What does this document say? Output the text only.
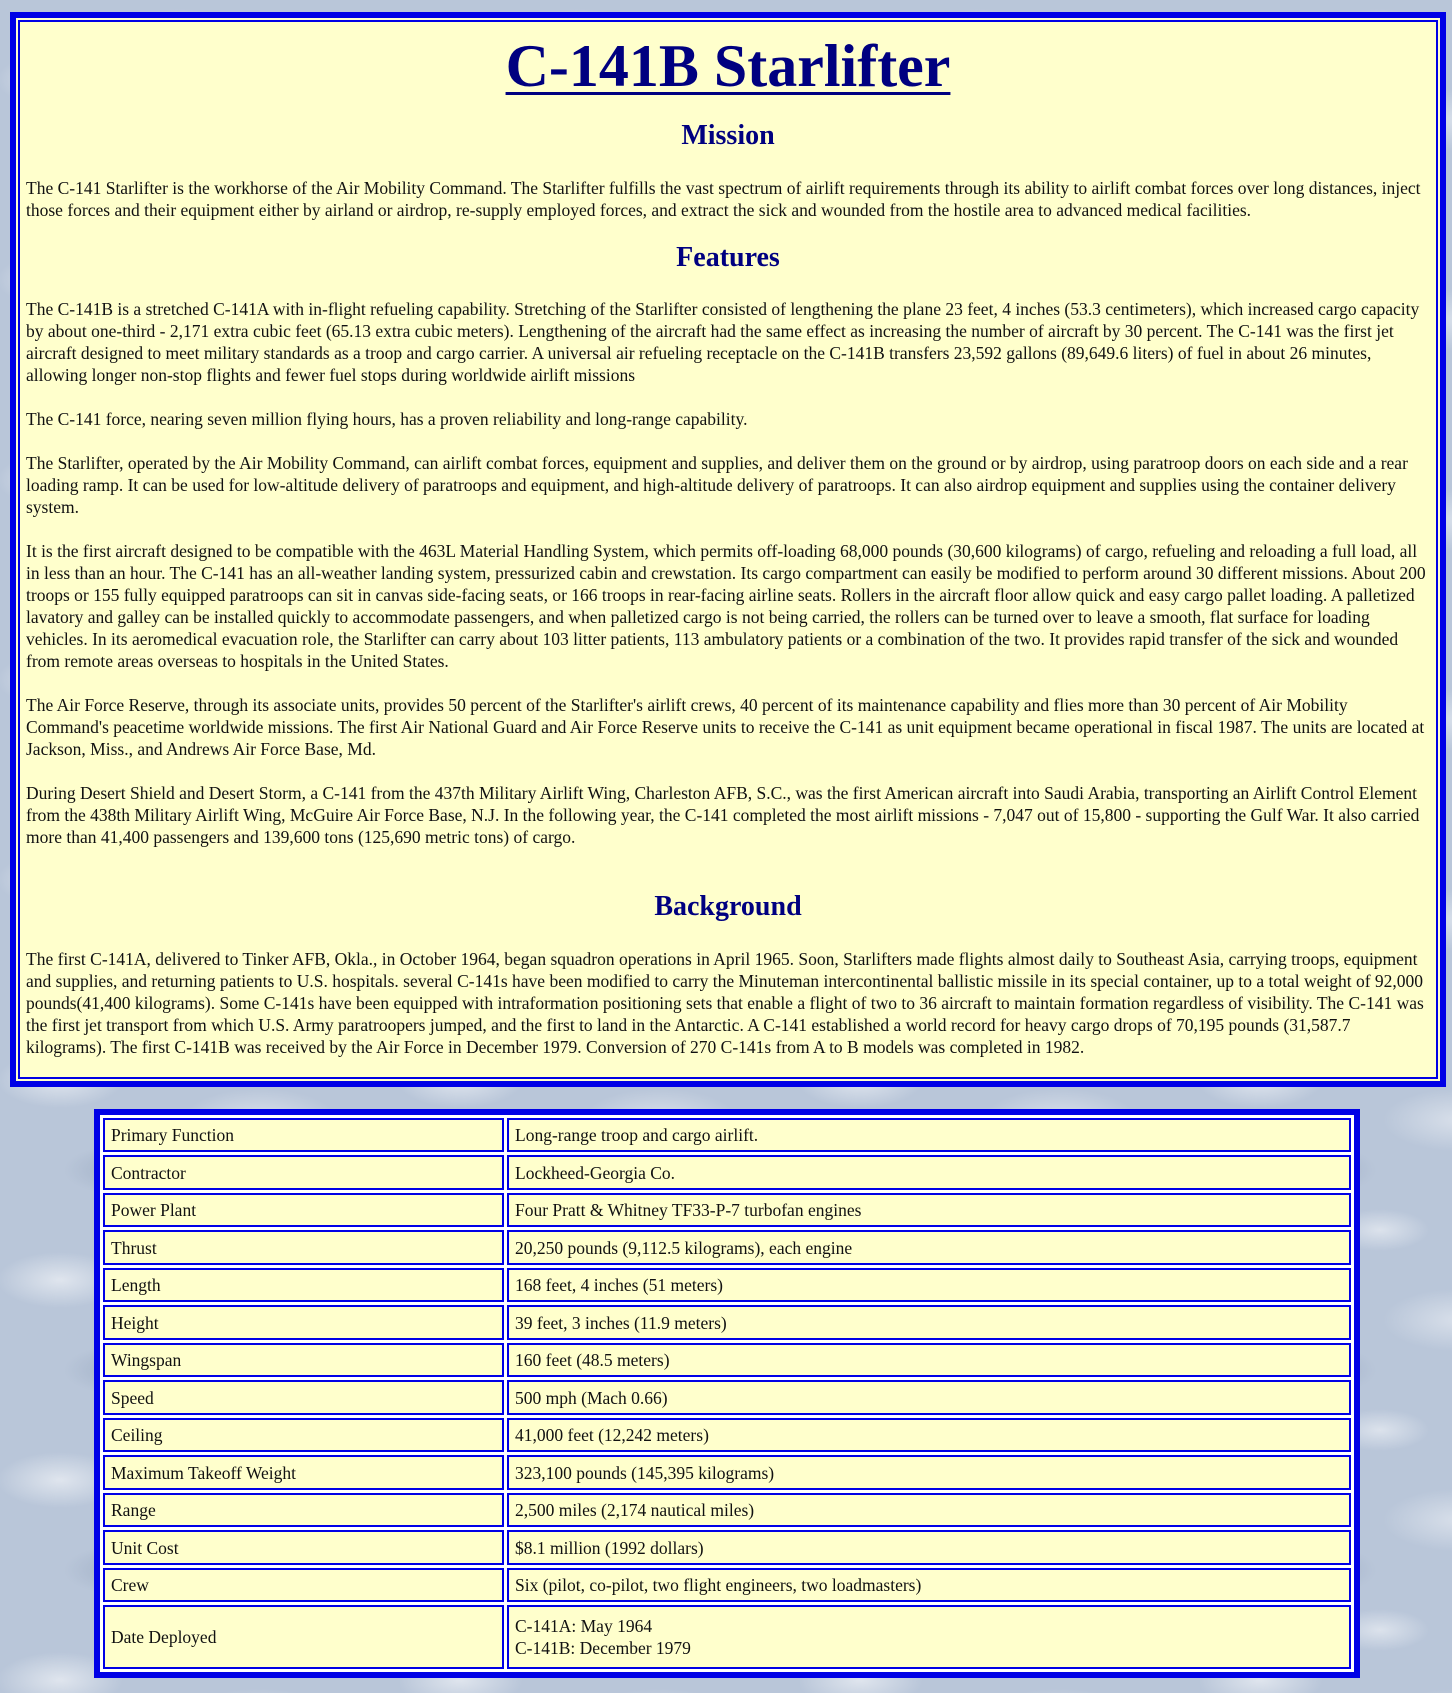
C-141B Starlifter
Mission

The C-141 Starlifter is the workhorse of the Air Mobility Command. The Starlifter fulfills the vast spectrum of airlift requirements through its ability to airlift combat forces over long distances, inject those forces and their equipment either by airland or airdrop, re-supply employed forces, and extract the sick and wounded from the hostile area to advanced medical facilities.

Features

The C-141B is a stretched C-141A with in-flight refueling capability. Stretching of the Starlifter consisted of lengthening the plane 23 feet, 4 inches (53.3 centimeters), which increased cargo capacity by about one-third - 2,171 extra cubic feet (65.13 extra cubic meters). Lengthening of the aircraft had the same effect as increasing the number of aircraft by 30 percent. The C-141 was the first jet aircraft designed to meet military standards as a troop and cargo carrier. A universal air refueling receptacle on the C-141B transfers 23,592 gallons (89,649.6 liters) of fuel in about 26 minutes, allowing longer non-stop flights and fewer fuel stops during worldwide airlift missions

The C-141 force, nearing seven million flying hours, has a proven reliability and long-range capability.

The Starlifter, operated by the Air Mobility Command, can airlift combat forces, equipment and supplies, and deliver them on the ground or by airdrop, using paratroop doors on each side and a rear loading ramp. It can be used for low-altitude delivery of paratroops and equipment, and high-altitude delivery of paratroops. It can also airdrop equipment and supplies using the container delivery system.

It is the first aircraft designed to be compatible with the 463L Material Handling System, which permits off-loading 68,000 pounds (30,600 kilograms) of cargo, refueling and reloading a full load, all in less than an hour. The C-141 has an all-weather landing system, pressurized cabin and crewstation. Its cargo compartment can easily be modified to perform around 30 different missions. About 200 troops or 155 fully equipped paratroops can sit in canvas side-facing seats, or 166 troops in rear-facing airline seats. Rollers in the aircraft floor allow quick and easy cargo pallet loading. A palletized lavatory and galley can be installed quickly to accommodate passengers, and when palletized cargo is not being carried, the rollers can be turned over to leave a smooth, flat surface for loading vehicles. In its aeromedical evacuation role, the Starlifter can carry about 103 litter patients, 113 ambulatory patients or a combination of the two. It provides rapid transfer of the sick and wounded from remote areas overseas to hospitals in the United States.

The Air Force Reserve, through its associate units, provides 50 percent of the Starlifter's airlift crews, 40 percent of its maintenance capability and flies more than 30 percent of Air Mobility Command's peacetime worldwide missions. The first Air National Guard and Air Force Reserve units to receive the C-141 as unit equipment became operational in fiscal 1987. The units are located at Jackson, Miss., and Andrews Air Force Base, Md.

During Desert Shield and Desert Storm, a C-141 from the 437th Military Airlift Wing, Charleston AFB, S.C., was the first American aircraft into Saudi Arabia, transporting an Airlift Control Element from the 438th Military Airlift Wing, McGuire Air Force Base, N.J. In the following year, the C-141 completed the most airlift missions - 7,047 out of 15,800 - supporting the Gulf War. It also carried more than 41,400 passengers and 139,600 tons (125,690 metric tons) of cargo.

Background

The first C-141A, delivered to Tinker AFB, Okla., in October 1964, began squadron operations in April 1965. Soon, Starlifters made flights almost daily to Southeast Asia, carrying troops, equipment and supplies, and returning patients to U.S. hospitals. several C-141s have been modified to carry the Minuteman intercontinental ballistic missile in its special container, up to a total weight of 92,000 pounds(41,400 kilograms). Some C-141s have been equipped with intraformation positioning sets that enable a flight of two to 36 aircraft to maintain formation regardless of visibility. The C-141 was the first jet transport from which U.S. Army paratroopers jumped, and the first to land in the Antarctic. A C-141 established a world record for heavy cargo drops of 70,195 pounds (31,587.7 kilograms). The first C-141B was received by the Air Force in December 1979. Conversion of 270 C-141s from A to B models was completed in 1982.

Primary Function	Long-range troop and cargo airlift.
Contractor	Lockheed-Georgia Co.
Power Plant	Four Pratt & Whitney TF33-P-7 turbofan engines
Thrust	20,250 pounds (9,112.5 kilograms), each engine
Length	168 feet, 4 inches (51 meters)
Height	39 feet, 3 inches (11.9 meters)
Wingspan	160 feet (48.5 meters)
Speed	500 mph (Mach 0.66)
Ceiling	41,000 feet (12,242 meters)
Maximum Takeoff Weight	323,100 pounds (145,395 kilograms)
Range	2,500 miles (2,174 nautical miles)
Unit Cost	$8.1 million (1992 dollars)
Crew	Six (pilot, co-pilot, two flight engineers, two loadmasters)
Date Deployed	C-141A: May 1964
C-141B: December 1979
